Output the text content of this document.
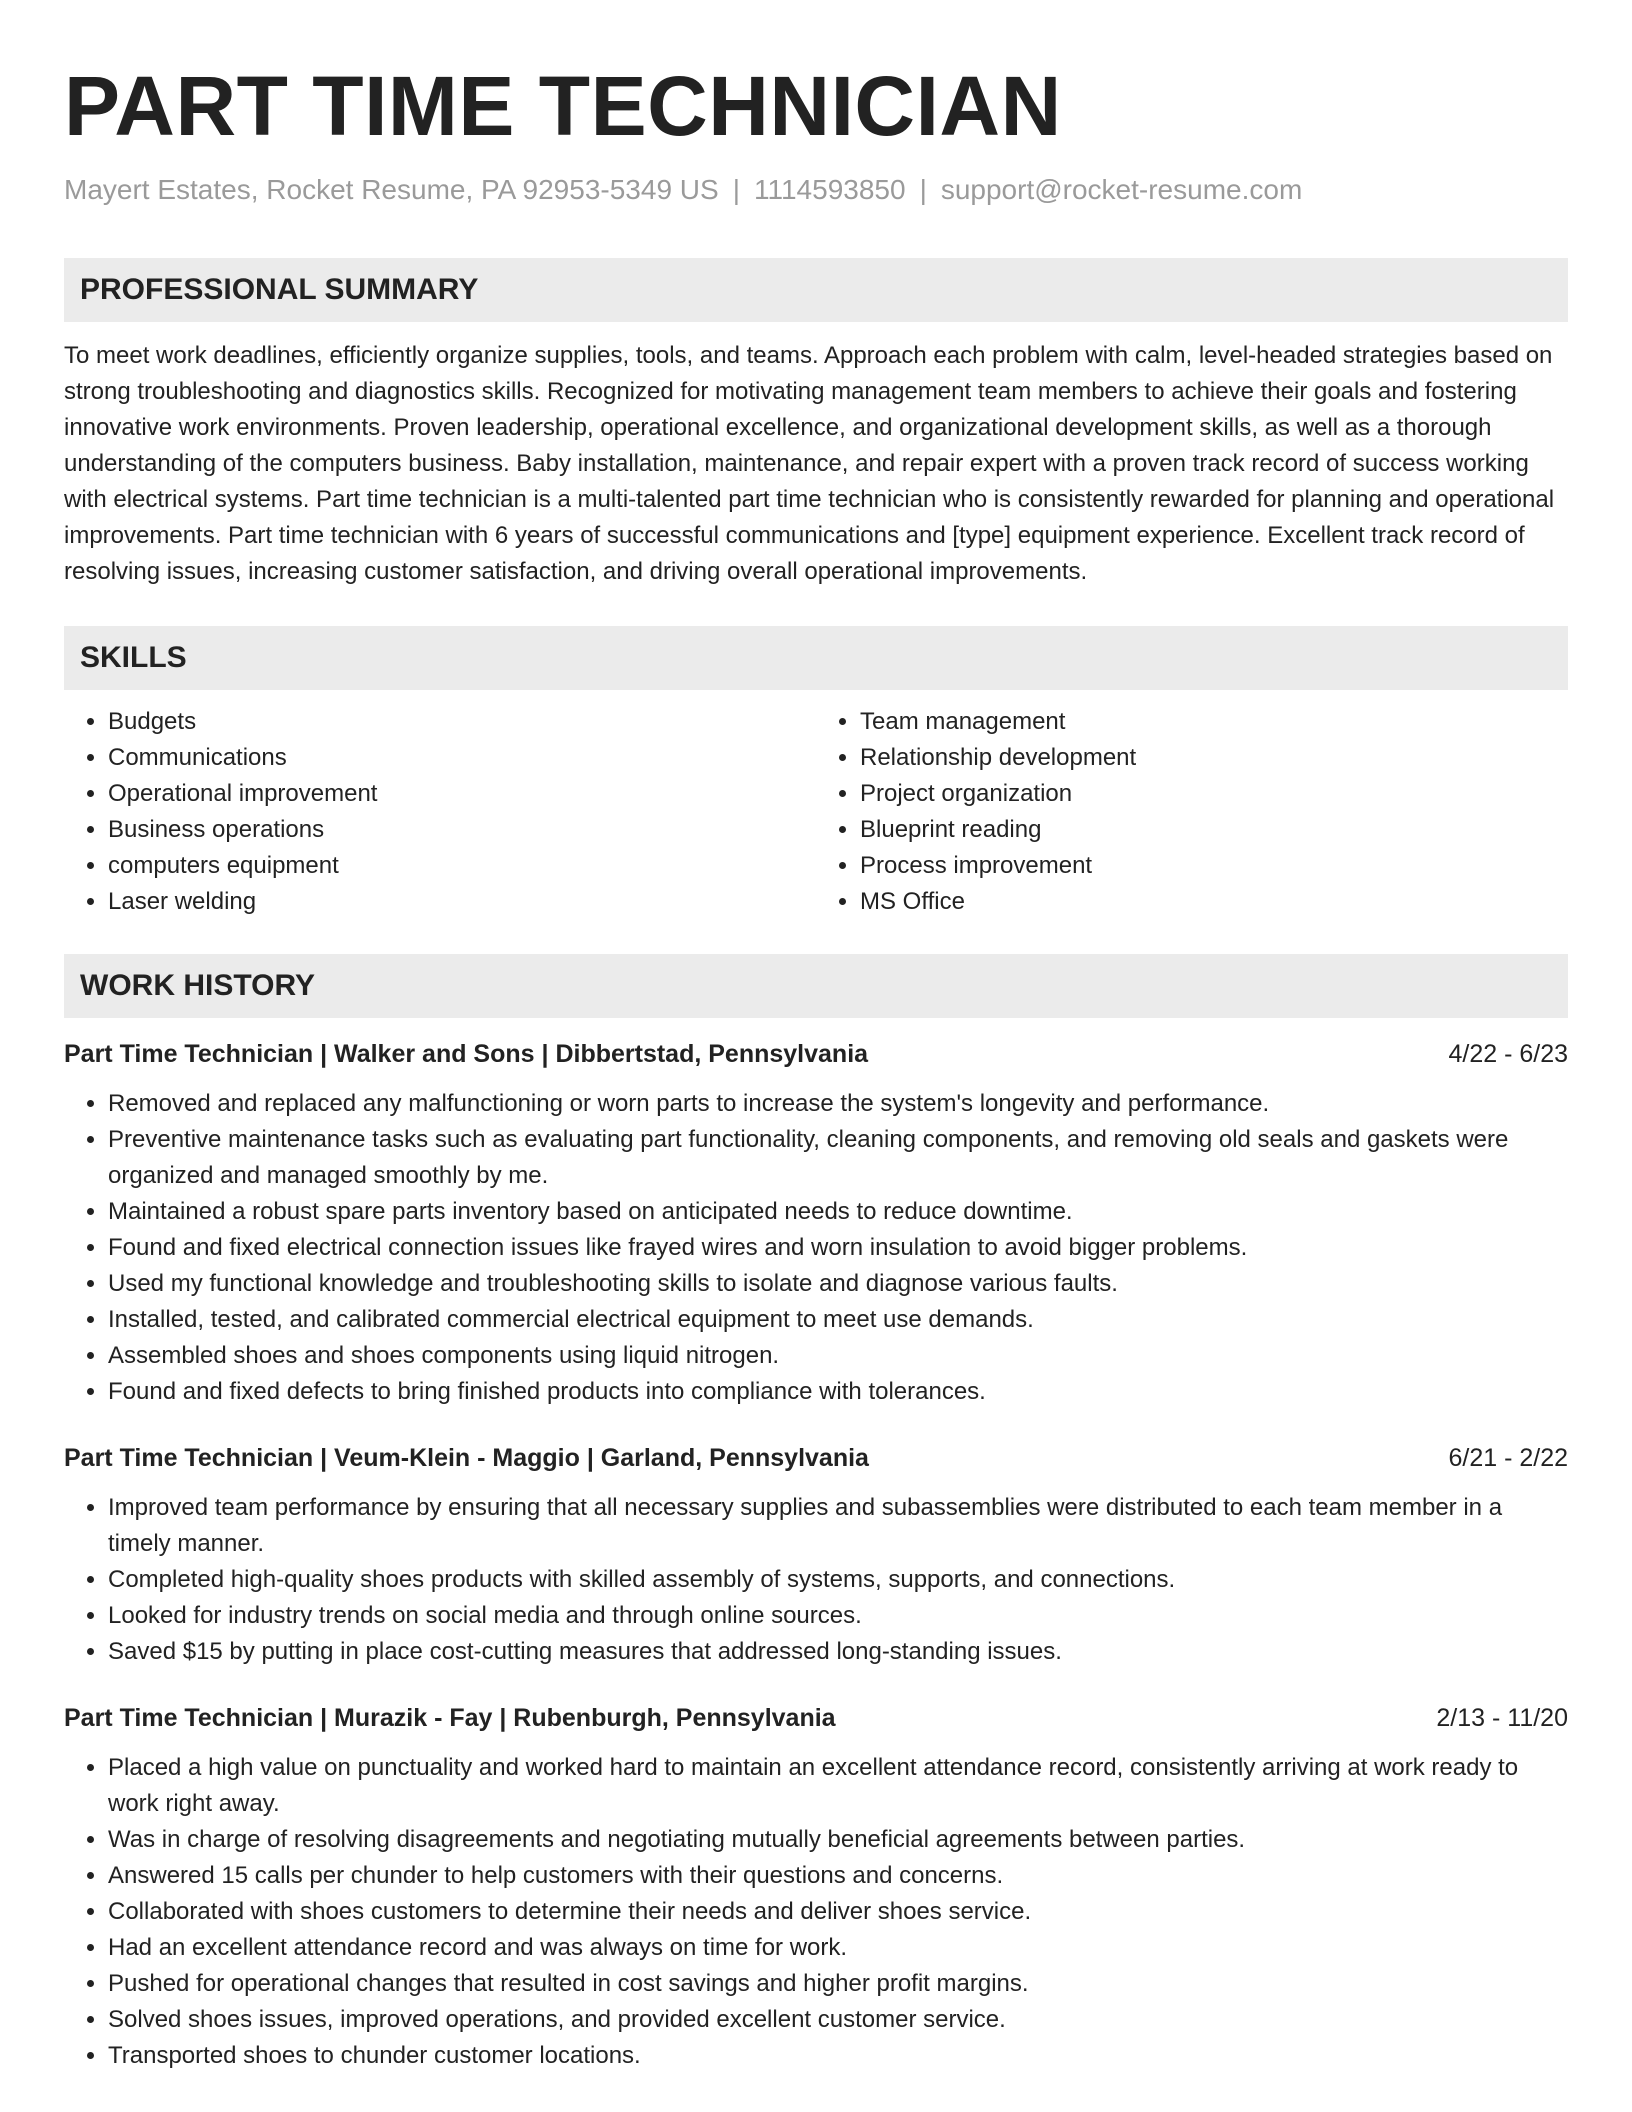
PART TIME TECHNICIAN
Mayert Estates, Rocket Resume, PA 92953-5349 US | 1114593850 | support@rocket-resume.com
PROFESSIONAL SUMMARY

To meet work deadlines, efficiently organize supplies, tools, and teams. Approach each problem with calm, level-headed strategies based on strong troubleshooting and diagnostics skills. Recognized for motivating management team members to achieve their goals and fostering innovative work environments. Proven leadership, operational excellence, and organizational development skills, as well as a thorough understanding of the computers business. Baby installation, maintenance, and repair expert with a proven track record of success working with electrical systems. Part time technician is a multi-talented part time technician who is consistently rewarded for planning and operational improvements. Part time technician with 6 years of successful communications and [type] equipment experience. Excellent track record of resolving issues, increasing customer satisfaction, and driving overall operational improvements.

SKILLS
• Budgets
• Communications
• Operational improvement
• Business operations
• computers equipment
• Laser welding
• Team management
• Relationship development
• Project organization
• Blueprint reading
• Process improvement
• MS Office
WORK HISTORY
Part Time Technician | Walker and Sons | Dibbertstad, Pennsylvania	4/22 - 6/23
• Removed and replaced any malfunctioning or worn parts to increase the system's longevity and performance.
• Preventive maintenance tasks such as evaluating part functionality, cleaning components, and removing old seals and gaskets were organized and managed smoothly by me.
• Maintained a robust spare parts inventory based on anticipated needs to reduce downtime.
• Found and fixed electrical connection issues like frayed wires and worn insulation to avoid bigger problems.
• Used my functional knowledge and troubleshooting skills to isolate and diagnose various faults.
• Installed, tested, and calibrated commercial electrical equipment to meet use demands.
• Assembled shoes and shoes components using liquid nitrogen.
• Found and fixed defects to bring finished products into compliance with tolerances.
Part Time Technician | Veum-Klein - Maggio | Garland, Pennsylvania	6/21 - 2/22
• Improved team performance by ensuring that all necessary supplies and subassemblies were distributed to each team member in a timely manner.
• Completed high-quality shoes products with skilled assembly of systems, supports, and connections.
• Looked for industry trends on social media and through online sources.
• Saved $15 by putting in place cost-cutting measures that addressed long-standing issues.
Part Time Technician | Murazik - Fay | Rubenburgh, Pennsylvania	2/13 - 11/20
• Placed a high value on punctuality and worked hard to maintain an excellent attendance record, consistently arriving at work ready to work right away.
• Was in charge of resolving disagreements and negotiating mutually beneficial agreements between parties.
• Answered 15 calls per chunder to help customers with their questions and concerns.
• Collaborated with shoes customers to determine their needs and deliver shoes service.
• Had an excellent attendance record and was always on time for work.
• Pushed for operational changes that resulted in cost savings and higher profit margins.
• Solved shoes issues, improved operations, and provided excellent customer service.
• Transported shoes to chunder customer locations.
